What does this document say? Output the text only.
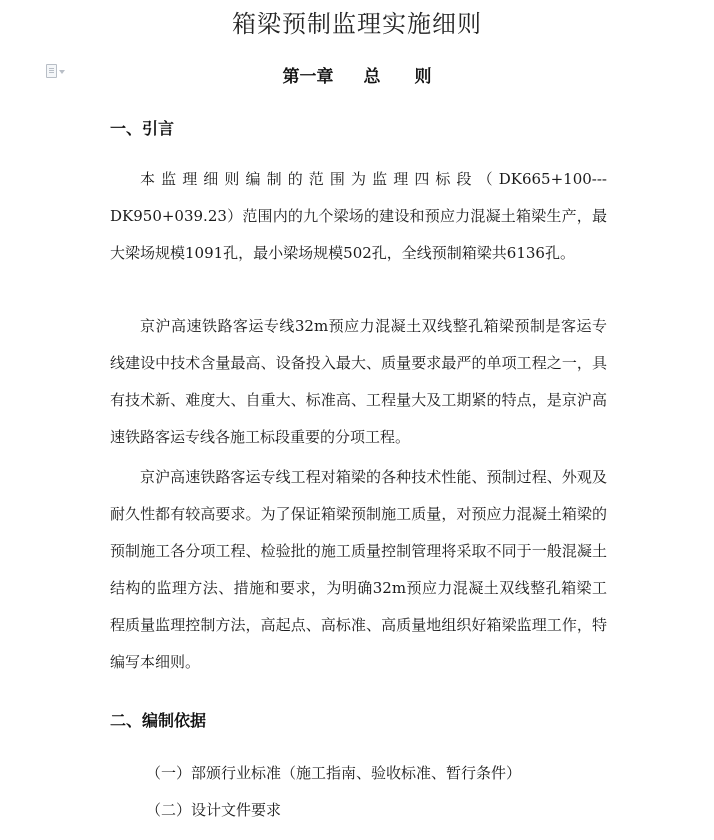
箱梁预制监理实施细则
第一章 总 则
一、引言

本监理细则编制的范围为监理四标段（DK665+100---DK950+039.23）范围内的九个梁场的建设和预应力混凝土箱梁生产，最大梁场规模1091孔，最小梁场规模502孔，全线预制箱梁共6136孔。

京沪高速铁路客运专线32m预应力混凝土双线整孔箱梁预制是客运专线建设中技术含量最高、设备投入最大、质量要求最严的单项工程之一，具有技术新、难度大、自重大、标准高、工程量大及工期紧的特点，是京沪高速铁路客运专线各施工标段重要的分项工程。

京沪高速铁路客运专线工程对箱梁的各种技术性能、预制过程、外观及耐久性都有较高要求。为了保证箱梁预制施工质量，对预应力混凝土箱梁的预制施工各分项工程、检验批的施工质量控制管理将采取不同于一般混凝土结构的监理方法、措施和要求，为明确32m预应力混凝土双线整孔箱梁工程质量监理控制方法，高起点、高标准、高质量地组织好箱梁监理工作，特编写本细则。

二、编制依据
（一）部颁行业标准（施工指南、验收标准、暂行条件）
（二）设计文件要求
